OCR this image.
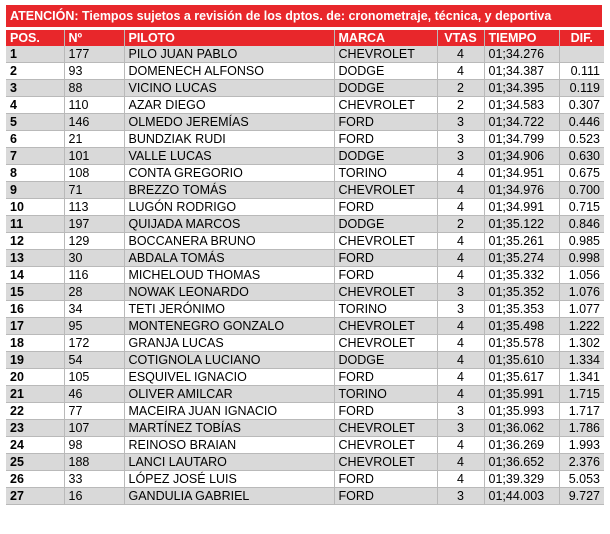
ATENCIÓN: Tiempos sujetos a revisión de los dptos. de: cronometraje, técnica, y deportiva
POS.	Nº	PILOTO	MARCA	VTAS	TIEMPO	DIF.
1	177	PILO JUAN PABLO	CHEVROLET	4	01;34.276	
2	93	DOMENECH ALFONSO	DODGE	4	01;34.387	0.111
3	88	VICINO LUCAS	DODGE	2	01;34.395	0.119
4	110	AZAR DIEGO	CHEVROLET	2	01;34.583	0.307
5	146	OLMEDO JEREMÍAS	FORD	3	01;34.722	0.446
6	21	BUNDZIAK RUDI	FORD	3	01;34.799	0.523
7	101	VALLE LUCAS	DODGE	3	01;34.906	0.630
8	108	CONTA GREGORIO	TORINO	4	01;34.951	0.675
9	71	BREZZO TOMÁS	CHEVROLET	4	01;34.976	0.700
10	113	LUGÓN RODRIGO	FORD	4	01;34.991	0.715
11	197	QUIJADA MARCOS	DODGE	2	01;35.122	0.846
12	129	BOCCANERA BRUNO	CHEVROLET	4	01;35.261	0.985
13	30	ABDALA TOMÁS	FORD	4	01;35.274	0.998
14	116	MICHELOUD THOMAS	FORD	4	01;35.332	1.056
15	28	NOWAK LEONARDO	CHEVROLET	3	01;35.352	1.076
16	34	TETI JERÓNIMO	TORINO	3	01;35.353	1.077
17	95	MONTENEGRO GONZALO	CHEVROLET	4	01;35.498	1.222
18	172	GRANJA LUCAS	CHEVROLET	4	01;35.578	1.302
19	54	COTIGNOLA LUCIANO	DODGE	4	01;35.610	1.334
20	105	ESQUIVEL IGNACIO	FORD	4	01;35.617	1.341
21	46	OLIVER AMILCAR	TORINO	4	01;35.991	1.715
22	77	MACEIRA JUAN IGNACIO	FORD	3	01;35.993	1.717
23	107	MARTÍNEZ TOBÍAS	CHEVROLET	3	01;36.062	1.786
24	98	REINOSO BRAIAN	CHEVROLET	4	01;36.269	1.993
25	188	LANCI LAUTARO	CHEVROLET	4	01;36.652	2.376
26	33	LÓPEZ JOSÉ LUIS	FORD	4	01;39.329	5.053
27	16	GANDULIA GABRIEL	FORD	3	01;44.003	9.727
